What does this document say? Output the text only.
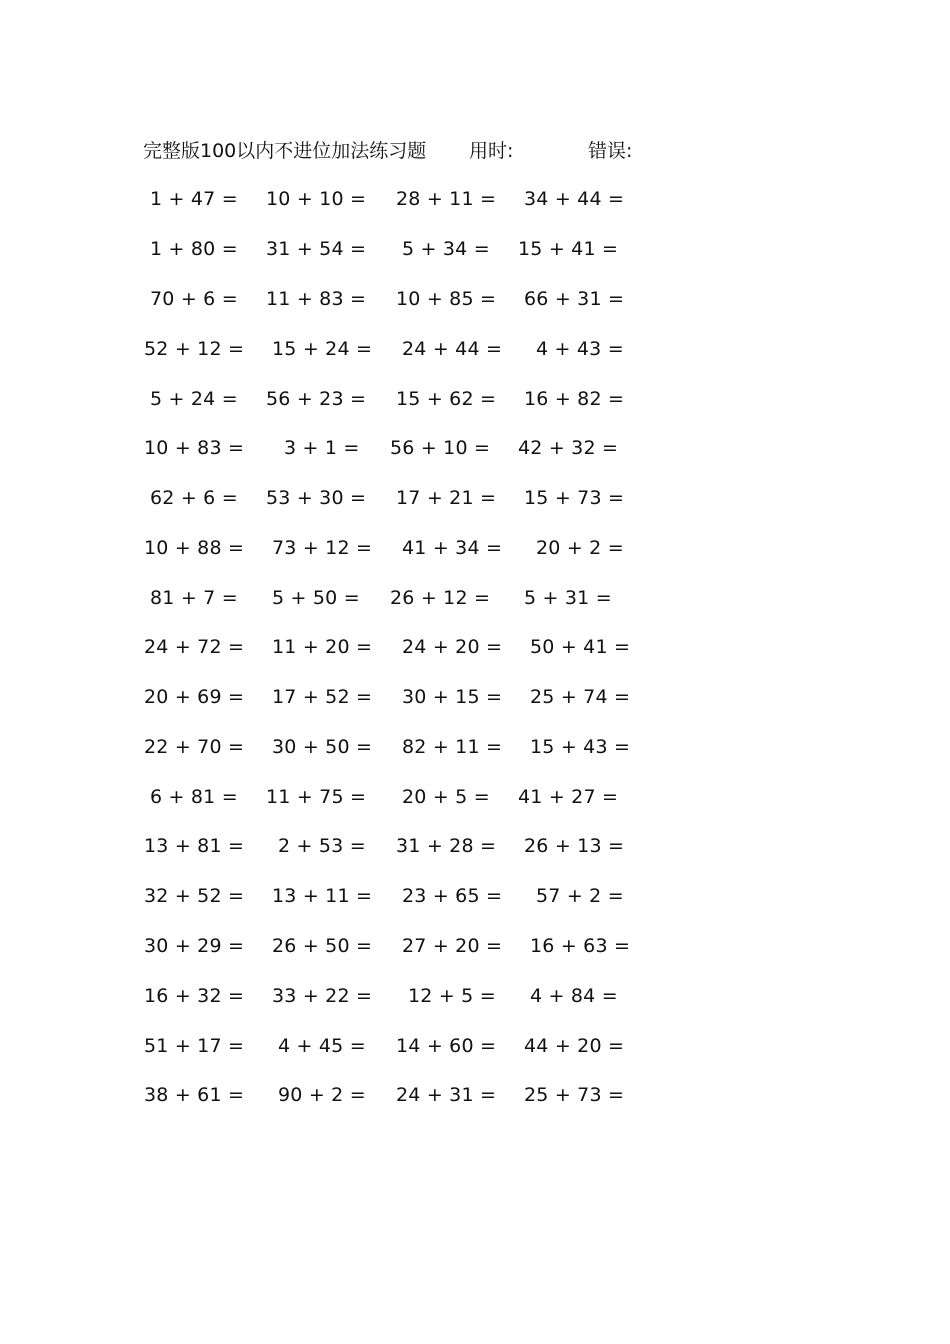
完整版100以内不进位加法练习题 用时:	错误:
1 + 47 = 10 + 10 = 28 + 11 = 34 + 44 =
1 + 80 = 31 + 54 = 5 + 34 = 15 + 41 =
70 + 6 = 11 + 83 = 10 + 85 = 66 + 31 =
52 + 12 = 15 + 24 = 24 + 44 = 4 + 43 =
5 + 24 = 56 + 23 = 15 + 62 = 16 + 82 =
10 + 83 = 3 + 1 = 56 + 10 = 42 + 32 =
62 + 6 = 53 + 30 = 17 + 21 = 15 + 73 =
10 + 88 = 73 + 12 = 41 + 34 = 20 + 2 =
81 + 7 = 5 + 50 = 26 + 12 = 5 + 31 =
24 + 72 = 11 + 20 = 24 + 20 = 50 + 41 =
20 + 69 = 17 + 52 = 30 + 15 = 25 + 74 =
22 + 70 = 30 + 50 = 82 + 11 = 15 + 43 =
6 + 81 = 11 + 75 = 20 + 5 = 41 + 27 =
13 + 81 = 2 + 53 = 31 + 28 = 26 + 13 =
32 + 52 = 13 + 11 = 23 + 65 = 57 + 2 =
30 + 29 = 26 + 50 = 27 + 20 = 16 + 63 =
16 + 32 = 33 + 22 = 12 + 5 = 4 + 84 =
51 + 17 = 4 + 45 = 14 + 60 = 44 + 20 =
38 + 61 = 90 + 2 = 24 + 31 = 25 + 73 =
